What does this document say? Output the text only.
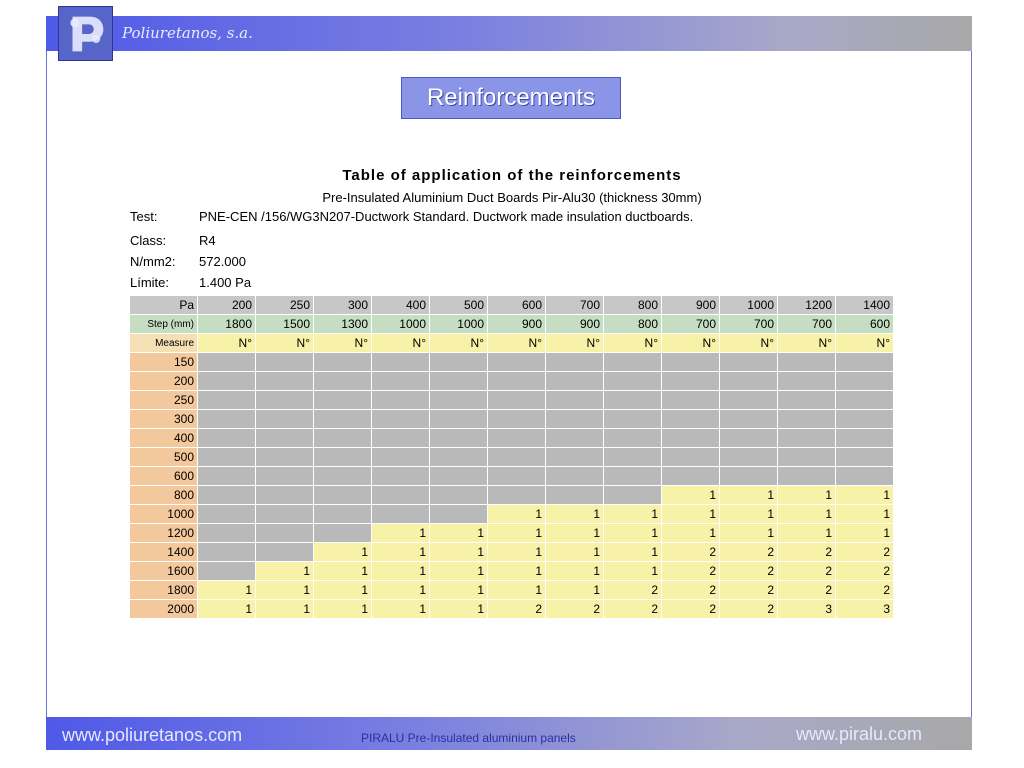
Poliuretanos, s.a.
Reinforcements
Table of application of the reinforcements
Pre-Insulated Aluminium Duct Boards Pir-Alu30 (thickness 30mm)
Test:	PNE-CEN /156/WG3N207-Ductwork Standard. Ductwork made insulation ductboards.
Class:	R4
N/mm2: 572.000
Límite: 1.400 Pa
Pa	200	250	300	400	500	600	700	800	900	1000	1200	1400
Step (mm)	1800	1500	1300	1000	1000	900	900	800	700	700	700	600
Measure	N°	N°	N°	N°	N°	N°	N°	N°	N°	N°	N°	N°
150												
200												
250												
300												
400												
500												
600												
800									1	1	1	1
1000						1	1	1	1	1	1	1
1200				1	1	1	1	1	1	1	1	1
1400			1	1	1	1	1	1	2	2	2	2
1600		1	1	1	1	1	1	1	2	2	2	2
1800	1	1	1	1	1	1	1	2	2	2	2	2
2000	1	1	1	1	1	2	2	2	2	2	3	3
www.poliuretanos.com	PIRALU Pre-Insulated aluminium panels	www.piralu.com
